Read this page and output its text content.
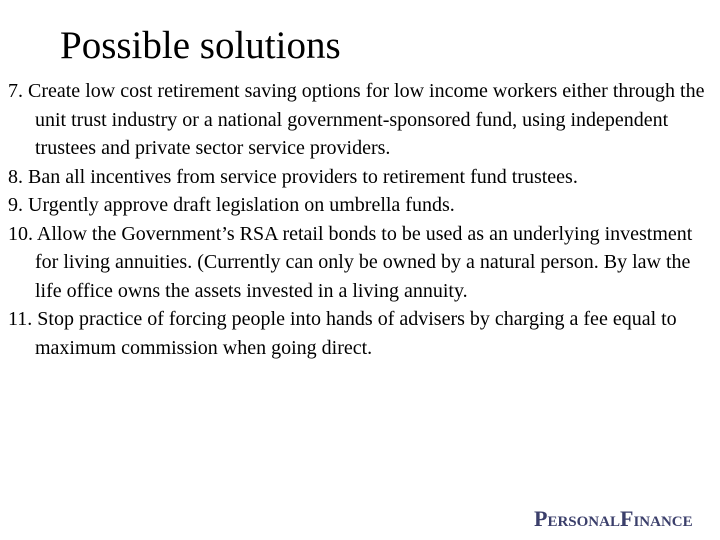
Possible solutions
7. Create low cost retirement saving options for low income workers either through the unit trust industry or a national government-sponsored fund, using independent trustees and private sector service providers.
8. Ban all incentives from service providers to retirement fund trustees.
9. Urgently approve draft legislation on umbrella funds.
10. Allow the Government’s RSA retail bonds to be used as an underlying investment for living annuities. (Currently can only be owned by a natural person. By law the life office owns the assets invested in a living annuity.
11. Stop practice of forcing people into hands of advisers by charging a fee equal to maximum commission when going direct.
PERSONALFINANCE
